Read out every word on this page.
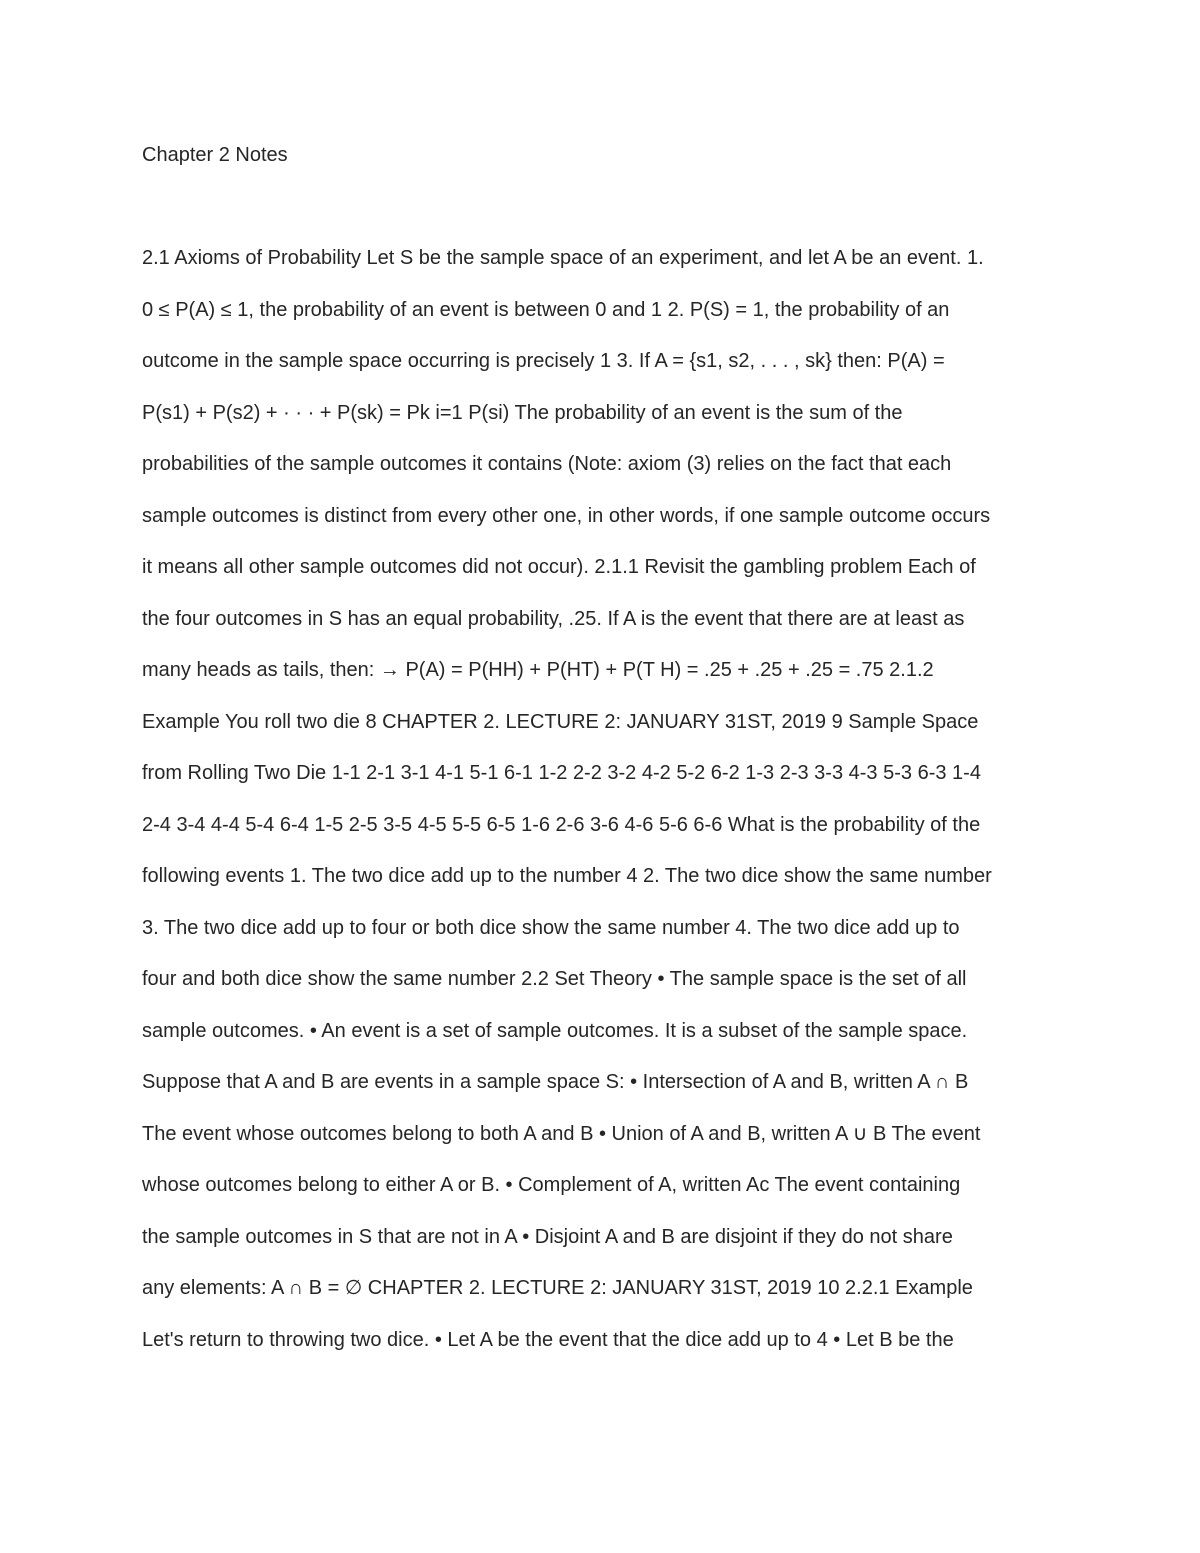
Chapter 2 Notes
2.1 Axioms of Probability Let S be the sample space of an experiment, and let A be an event. 1.
0 ≤ P(A) ≤ 1, the probability of an event is between 0 and 1 2. P(S) = 1, the probability of an
outcome in the sample space occurring is precisely 1 3. If A = {s1, s2, . . . , sk} then: P(A) =
P(s1) + P(s2) + · · · + P(sk) = Pk i=1 P(si) The probability of an event is the sum of the
probabilities of the sample outcomes it contains (Note: axiom (3) relies on the fact that each
sample outcomes is distinct from every other one, in other words, if one sample outcome occurs
it means all other sample outcomes did not occur). 2.1.1 Revisit the gambling problem Each of
the four outcomes in S has an equal probability, .25. If A is the event that there are at least as
many heads as tails, then: → P(A) = P(HH) + P(HT) + P(T H) = .25 + .25 + .25 = .75 2.1.2
Example You roll two die 8 CHAPTER 2. LECTURE 2: JANUARY 31ST, 2019 9 Sample Space
from Rolling Two Die 1-1 2-1 3-1 4-1 5-1 6-1 1-2 2-2 3-2 4-2 5-2 6-2 1-3 2-3 3-3 4-3 5-3 6-3 1-4
2-4 3-4 4-4 5-4 6-4 1-5 2-5 3-5 4-5 5-5 6-5 1-6 2-6 3-6 4-6 5-6 6-6 What is the probability of the
following events 1. The two dice add up to the number 4 2. The two dice show the same number
3. The two dice add up to four or both dice show the same number 4. The two dice add up to
four and both dice show the same number 2.2 Set Theory • The sample space is the set of all
sample outcomes. • An event is a set of sample outcomes. It is a subset of the sample space.
Suppose that A and B are events in a sample space S: • Intersection of A and B, written A ∩ B
The event whose outcomes belong to both A and B • Union of A and B, written A ∪ B The event
whose outcomes belong to either A or B. • Complement of A, written Ac The event containing
the sample outcomes in S that are not in A • Disjoint A and B are disjoint if they do not share
any elements: A ∩ B = ∅ CHAPTER 2. LECTURE 2: JANUARY 31ST, 2019 10 2.2.1 Example
Let's return to throwing two dice. • Let A be the event that the dice add up to 4 • Let B be the
